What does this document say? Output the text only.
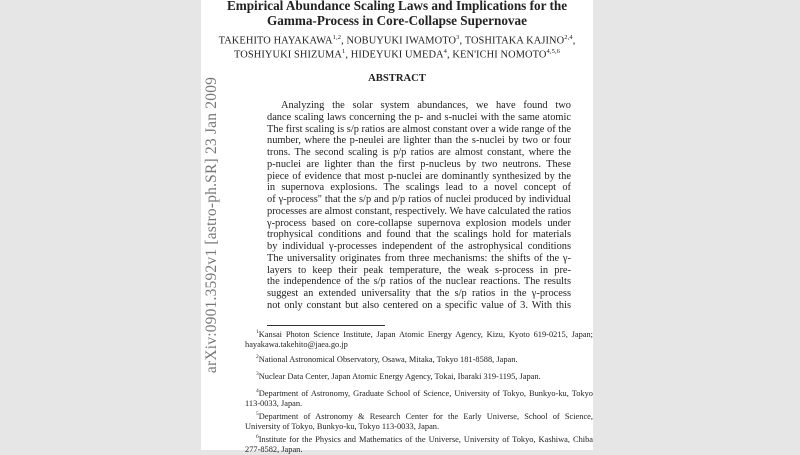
Empirical Abundance Scaling Laws and Implications for the
Gamma-Process in Core-Collapse Supernovae
TAKEHITO HAYAKAWA$^{1,2}$, NOBUYUKI IWAMOTO$^3$, TOSHITAKA KAJINO$^{2,4}$,
TOSHIYUKI SHIZUMA$^1$, HIDEYUKI UMEDA$^4$, KEN'ICHI NOMOTO$^{4,5,6}$
ABSTRACT
Analyzing the solar system abundances, we have found two
dance scaling laws concerning the p- and s-nuclei with the same atomic
The first scaling is s/p ratios are almost constant over a wide range of the
number, where the p-neulei are lighter than the s-nuclei by two or four
trons. The second scaling is p/p ratios are almost constant, where the
p-nuclei are lighter than the first p-nucleus by two neutrons. These
piece of evidence that most p-nuclei are dominantly synthesized by the
in supernova explosions. The scalings lead to a novel concept of
of γ-process" that the s/p and p/p ratios of nuclei produced by individual
processes are almost constant, respectively. We have calculated the ratios
γ-process based on core-collapse supernova explosion models under
trophysical conditions and found that the scalings hold for materials
by individual γ-processes independent of the astrophysical conditions
The universality originates from three mechanisms: the shifts of the γ-
layers to keep their peak temperature, the weak s-process in pre-
the independence of the s/p ratios of the nuclear reactions. The results
suggest an extended universality that the s/p ratios in the γ-process
not only constant but also centered on a specific value of 3. With this
$^1$Kansai Photon Science Institute, Japan Atomic Energy Agency, Kizu, Kyoto 619-0215, Japan; hayakawa.takehito@jaea.go.jp
$^2$National Astronomical Observatory, Osawa, Mitaka, Tokyo 181-8588, Japan.
$^3$Nuclear Data Center, Japan Atomic Energy Agency, Tokai, Ibaraki 319-1195, Japan.
$^4$Department of Astronomy, Graduate School of Science, University of Tokyo, Bunkyo-ku, Tokyo 113-0033, Japan.
$^5$Department of Astronomy & Research Center for the Early Universe, School of Science, University of Tokyo, Bunkyo-ku, Tokyo 113-0033, Japan.
$^6$Institute for the Physics and Mathematics of the Universe, University of Tokyo, Kashiwa, Chiba 277-8582, Japan.
arXiv:0901.3592v1 [astro-ph.SR] 23 Jan 2009
